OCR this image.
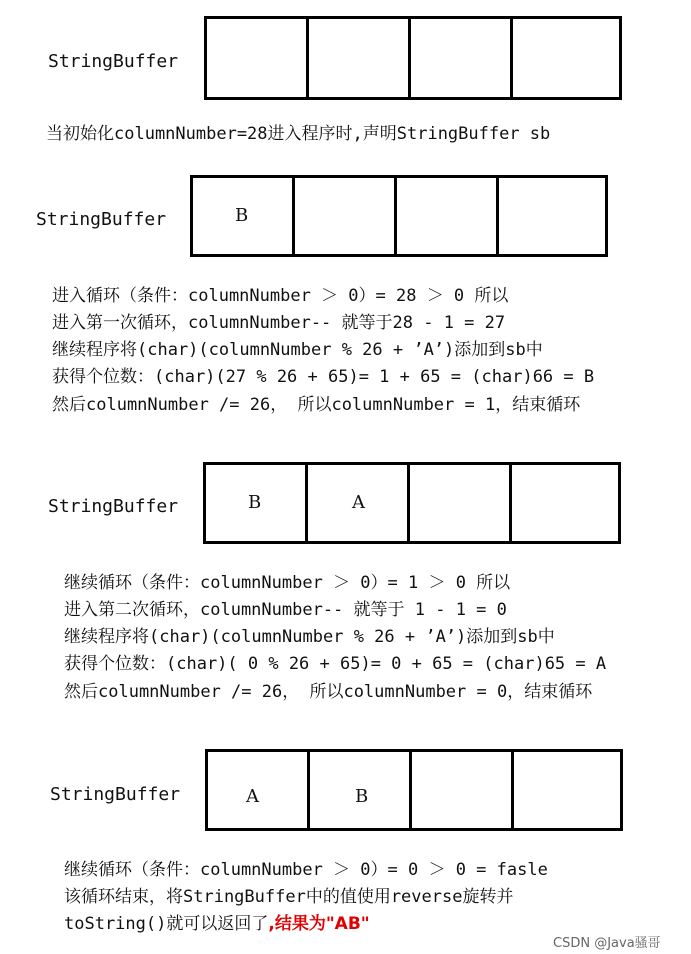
StringBuffer
当初始化columnNumber=28进入程序时,声明StringBuffer sb
StringBuffer	B
进入循环（条件：columnNumber ＞ 0）= 28 ＞ 0 所以
进入第一次循环，columnNumber-- 就等于28 - 1 = 27
继续程序将(char)(columnNumber % 26 + ’A’)添加到sb中
获得个位数：(char)(27 % 26 + 65)= 1 + 65 = (char)66 = B
然后columnNumber /= 26， 所以columnNumber = 1，结束循环
StringBuffer	B	A
继续循环（条件：columnNumber ＞ 0）= 1 ＞ 0 所以
进入第二次循环，columnNumber-- 就等于 1 - 1 = 0
继续程序将(char)(columnNumber % 26 + ’A’)添加到sb中
获得个位数：(char)( 0 % 26 + 65)= 0 + 65 = (char)65 = A
然后columnNumber /= 26， 所以columnNumber = 0，结束循环
StringBuffer	A	B
继续循环（条件：columnNumber ＞ 0）= 0 ＞ 0 = fasle
该循环结束，将StringBuffer中的值使用reverse旋转并
toString()就可以返回了,结果为"AB"
CSDN @Java骚哥
